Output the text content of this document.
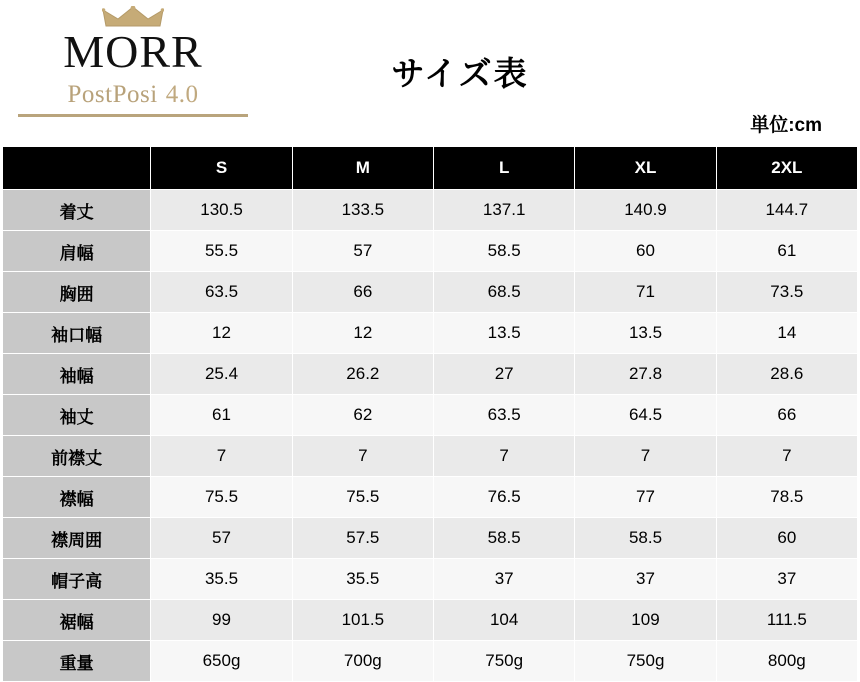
MORR
PostPosi 4.0
サイズ表
単位:cm
	S	M	L	XL	2XL
着丈	130.5	133.5	137.1	140.9	144.7
肩幅	55.5	57	58.5	60	61
胸囲	63.5	66	68.5	71	73.5
袖口幅	12	12	13.5	13.5	14
袖幅	25.4	26.2	27	27.8	28.6
袖丈	61	62	63.5	64.5	66
前襟丈	7	7	7	7	7
襟幅	75.5	75.5	76.5	77	78.5
襟周囲	57	57.5	58.5	58.5	60
帽子高	35.5	35.5	37	37	37
裾幅	99	101.5	104	109	111.5
重量	650g	700g	750g	750g	800g
